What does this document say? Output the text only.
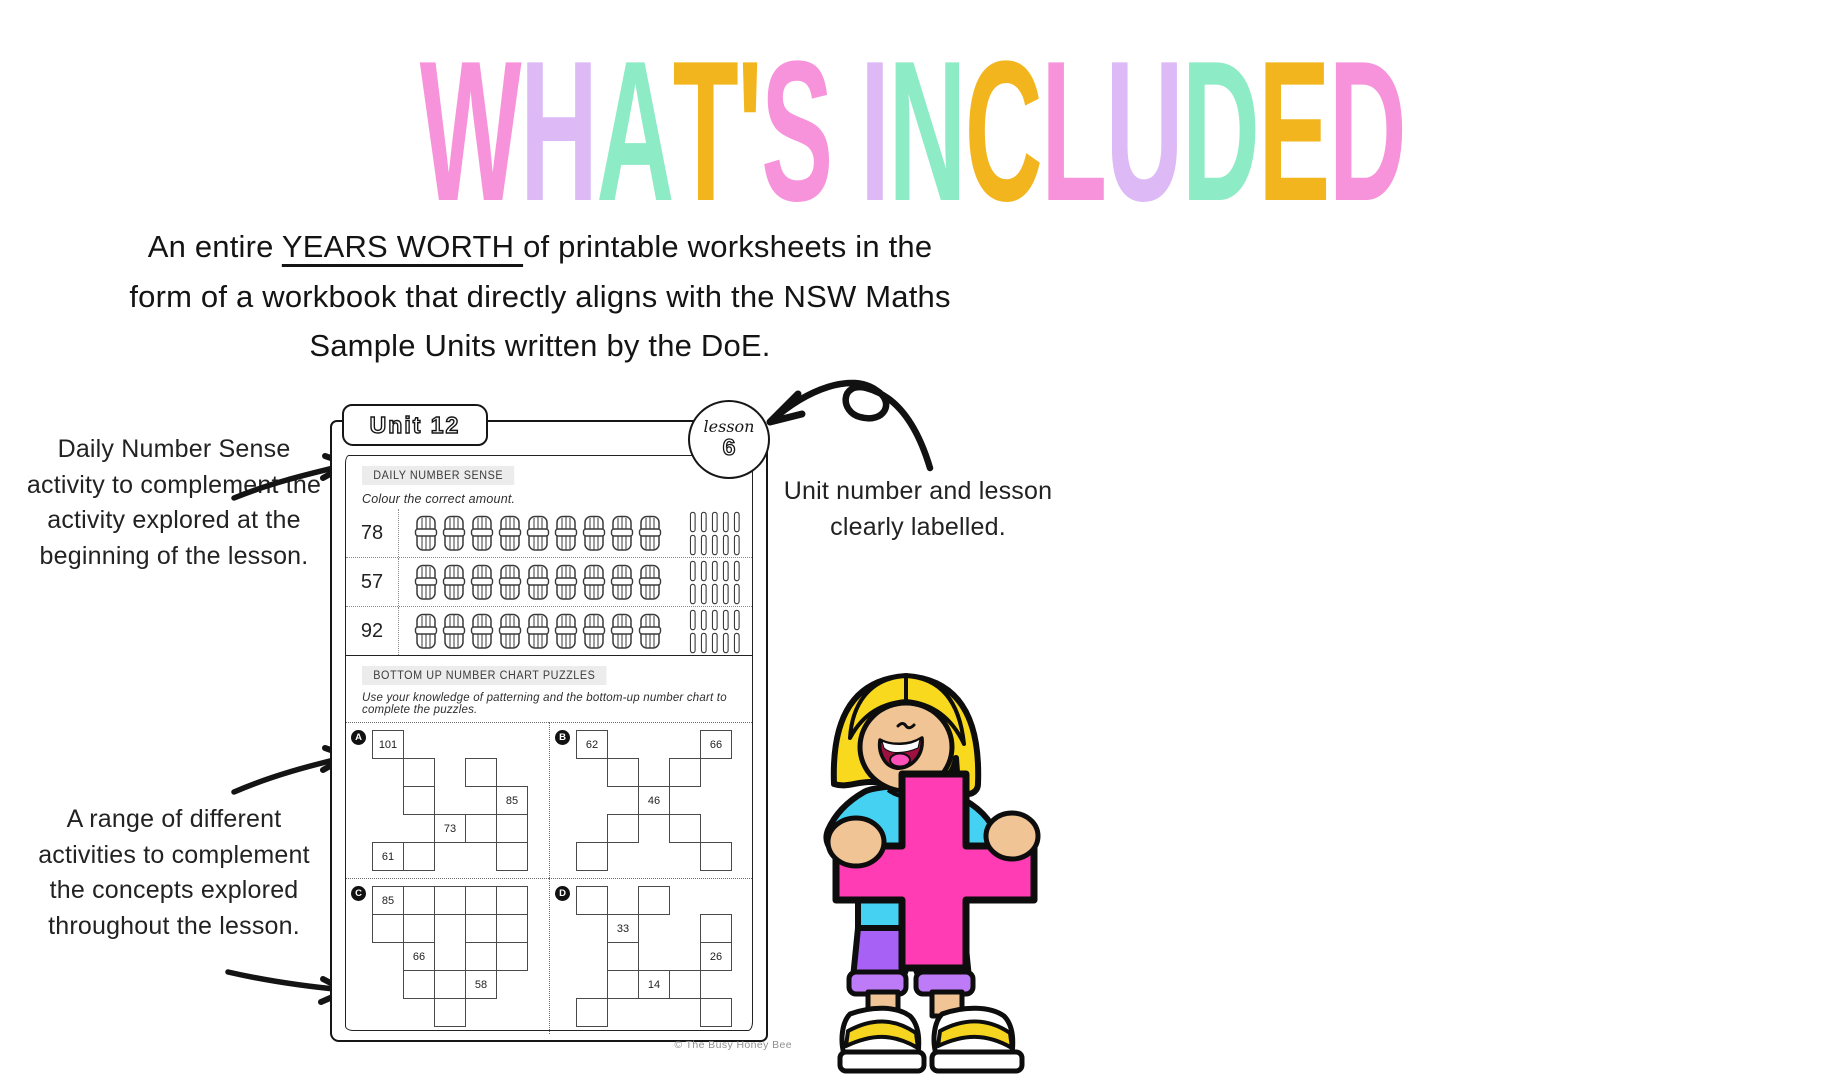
WHAT'S INCLUDED
An entire YEARS WORTH of printable worksheets in the form of a workbook that directly aligns with the NSW Maths Sample Units written by the DoE.
Daily Number Sense activity to complement the activity explored at the beginning of the lesson.
A range of different activities to complement the concepts explored throughout the lesson.
Unit number and lesson clearly labelled.
Unit 12	lesson
6
DAILY NUMBER SENSE
Colour the correct amount.
78
57
92
BOTTOM UP NUMBER CHART PUZZLES
Use your knowledge of patterning and the bottom-up number chart to complete the puzzles.
A
101
85
73
61
B
62	66
46
C
85
66
58
D
33
26
14
© The Busy Honey Bee
